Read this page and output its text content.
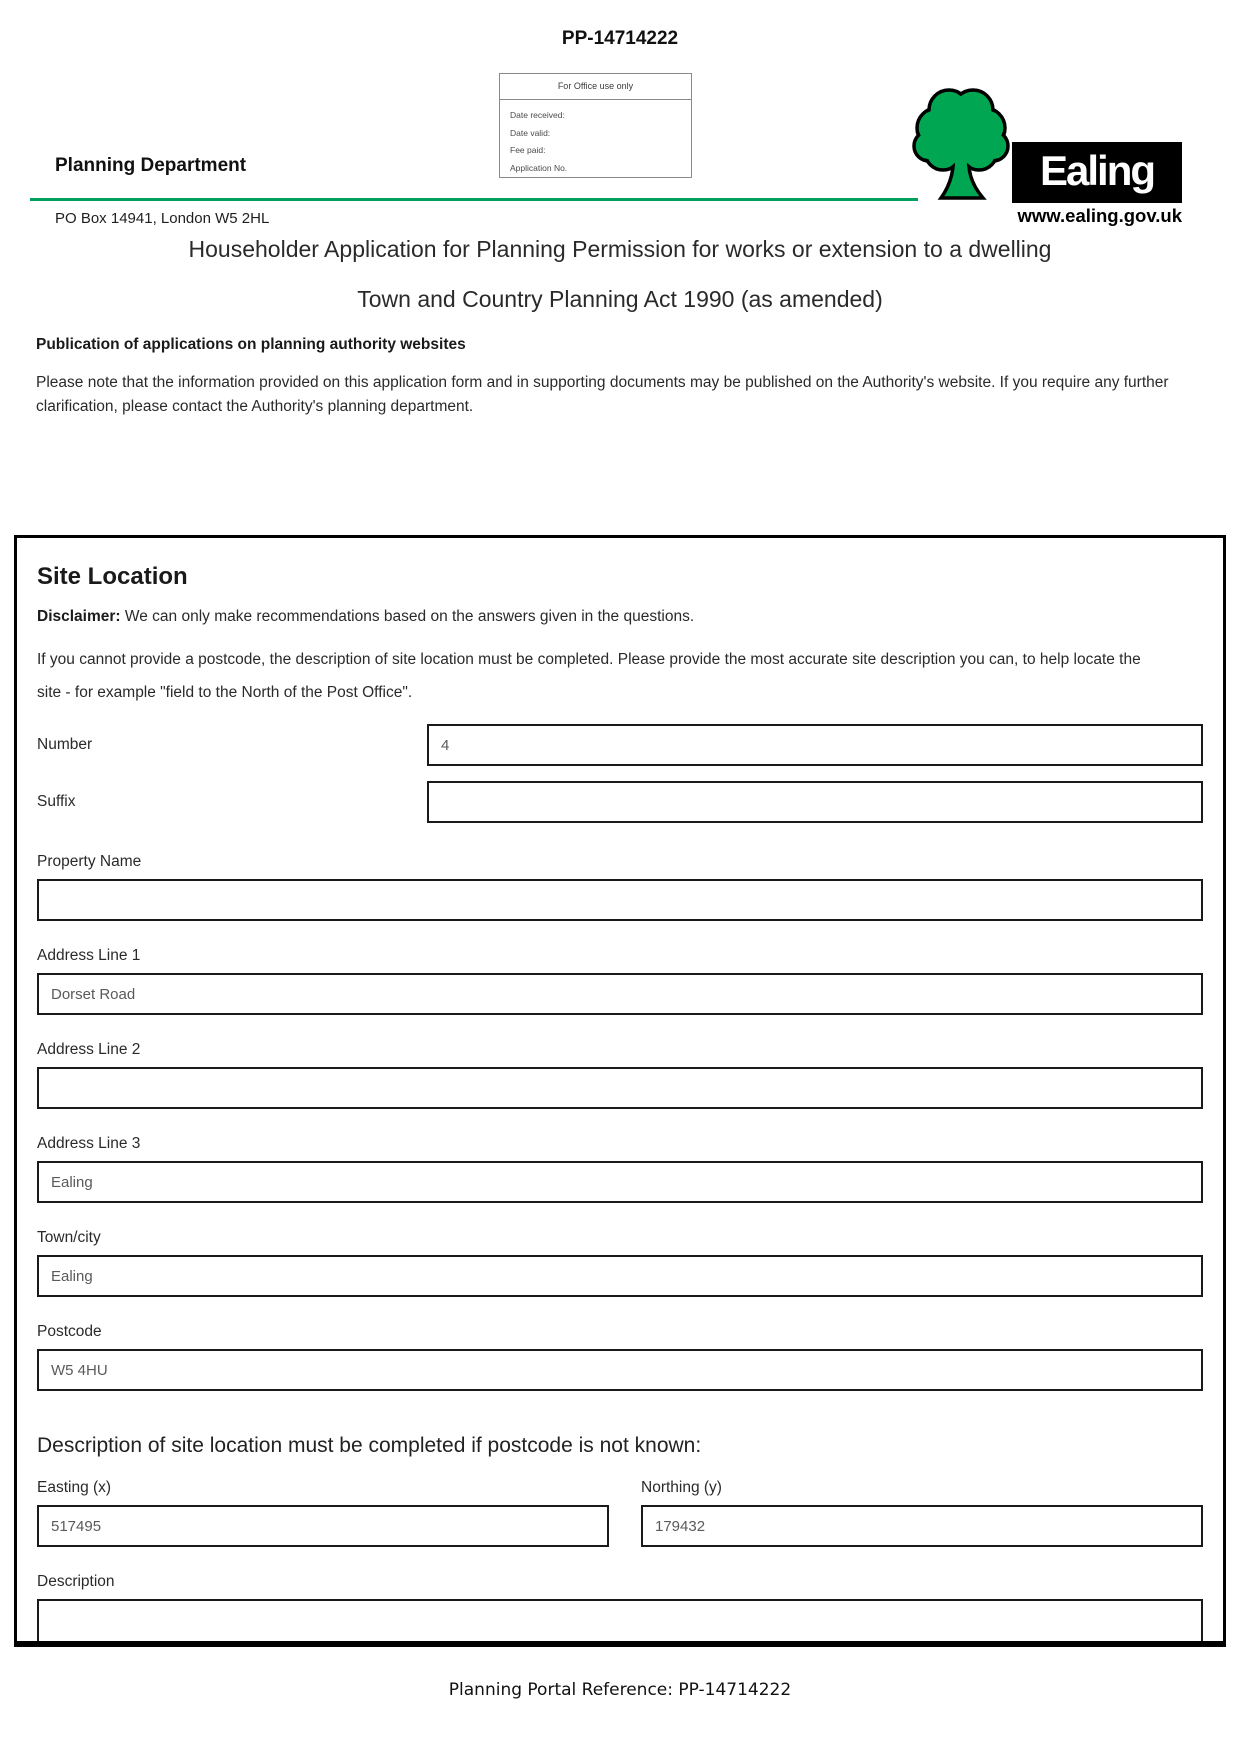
PP-14714222
For Office use only
Date received:
Date valid:
Fee paid:
Application No.	Ealing
www.ealing.gov.uk
Planning Department
PO Box 14941, London W5 2HL
Householder Application for Planning Permission for works or extension to a dwelling
Town and Country Planning Act 1990 (as amended)
Publication of applications on planning authority websites
Please note that the information provided on this application form and in supporting documents may be published on the Authority's website. If you require any further clarification, please contact the Authority's planning department.
Site Location
Disclaimer: We can only make recommendations based on the answers given in the questions.
If you cannot provide a postcode, the description of site location must be completed. Please provide the most accurate site description you can, to help locate the site - for example "field to the North of the Post Office".
Number
4
Suffix
Property Name
Address Line 1
Dorset Road
Address Line 2
Address Line 3
Ealing
Town/city
Ealing
Postcode
W5 4HU
Description of site location must be completed if postcode is not known:
Easting (x)
517495	Northing (y)
179432
Description
Planning Portal Reference: PP-14714222
